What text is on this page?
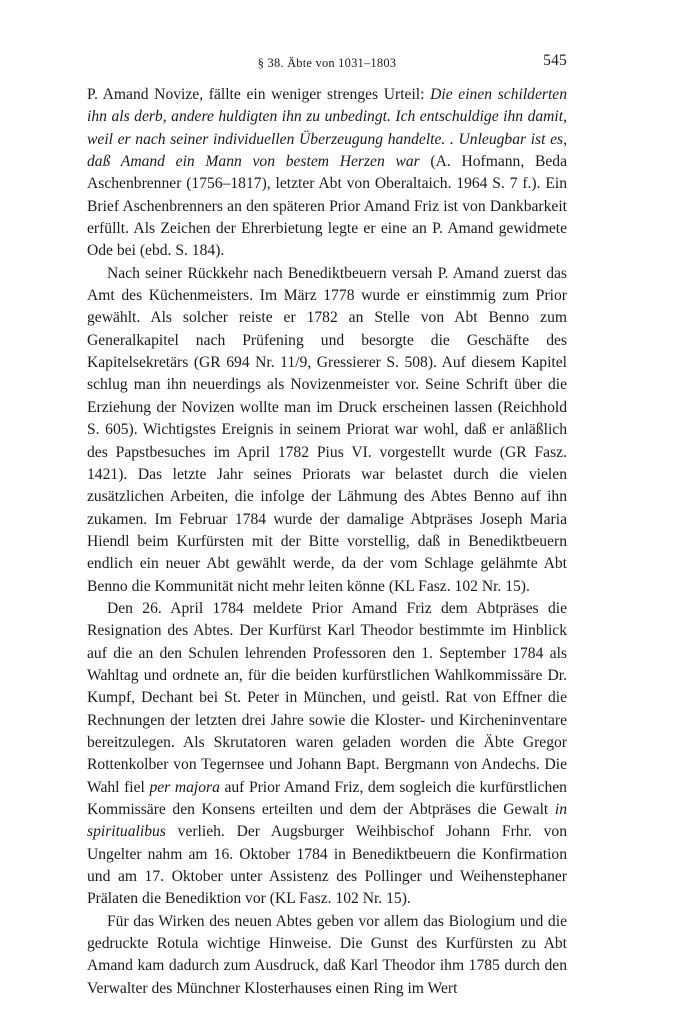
§ 38. Äbte von 1031–1803	545

P. Amand Novize, fällte ein weniger strenges Urteil: Die einen schilderten ihn als derb, andere huldigten ihn zu unbedingt. Ich entschuldige ihn damit, weil er nach seiner individuellen Überzeugung handelte. . Unleugbar ist es, daß Amand ein Mann von bestem Herzen war (A. Hofmann, Beda Aschenbrenner (1756–1817), letzter Abt von Oberaltaich. 1964 S. 7 f.). Ein Brief Aschenbrenners an den späteren Prior Amand Friz ist von Dankbarkeit erfüllt. Als Zeichen der Ehrerbietung legte er eine an P. Amand gewidmete Ode bei (ebd. S. 184).

Nach seiner Rückkehr nach Benediktbeuern versah P. Amand zuerst das Amt des Küchenmeisters. Im März 1778 wurde er einstimmig zum Prior gewählt. Als solcher reiste er 1782 an Stelle von Abt Benno zum Generalkapitel nach Prüfening und besorgte die Geschäfte des Kapitelsekretärs (GR 694 Nr. 11/9, Gressierer S. 508). Auf diesem Kapitel schlug man ihn neuerdings als Novizenmeister vor. Seine Schrift über die Erziehung der Novizen wollte man im Druck erscheinen lassen (Reichhold S. 605). Wichtigstes Ereignis in seinem Priorat war wohl, daß er anläßlich des Papstbesuches im April 1782 Pius VI. vorgestellt wurde (GR Fasz. 1421). Das letzte Jahr seines Priorats war belastet durch die vielen zusätzlichen Arbeiten, die infolge der Lähmung des Abtes Benno auf ihn zukamen. Im Februar 1784 wurde der damalige Abtpräses Joseph Maria Hiendl beim Kurfürsten mit der Bitte vorstellig, daß in Benediktbeuern endlich ein neuer Abt gewählt werde, da der vom Schlage gelähmte Abt Benno die Kommunität nicht mehr leiten könne (KL Fasz. 102 Nr. 15).

Den 26. April 1784 meldete Prior Amand Friz dem Abtpräses die Resignation des Abtes. Der Kurfürst Karl Theodor bestimmte im Hinblick auf die an den Schulen lehrenden Professoren den 1. September 1784 als Wahltag und ordnete an, für die beiden kurfürstlichen Wahlkommissäre Dr. Kumpf, Dechant bei St. Peter in München, und geistl. Rat von Effner die Rechnungen der letzten drei Jahre sowie die Kloster- und Kircheninventare bereitzulegen. Als Skrutatoren waren geladen worden die Äbte Gregor Rottenkolber von Tegernsee und Johann Bapt. Bergmann von Andechs. Die Wahl fiel per majora auf Prior Amand Friz, dem sogleich die kurfürstlichen Kommissäre den Konsens erteilten und dem der Abtpräses die Gewalt in spiritualibus verlieh. Der Augsburger Weihbischof Johann Frhr. von Ungelter nahm am 16. Oktober 1784 in Benediktbeuern die Konfirmation und am 17. Oktober unter Assistenz des Pollinger und Weihenstephaner Prälaten die Benediktion vor (KL Fasz. 102 Nr. 15).

Für das Wirken des neuen Abtes geben vor allem das Biologium und die gedruckte Rotula wichtige Hinweise. Die Gunst des Kurfürsten zu Abt Amand kam dadurch zum Ausdruck, daß Karl Theodor ihm 1785 durch den Verwalter des Münchner Klosterhauses einen Ring im Wert
